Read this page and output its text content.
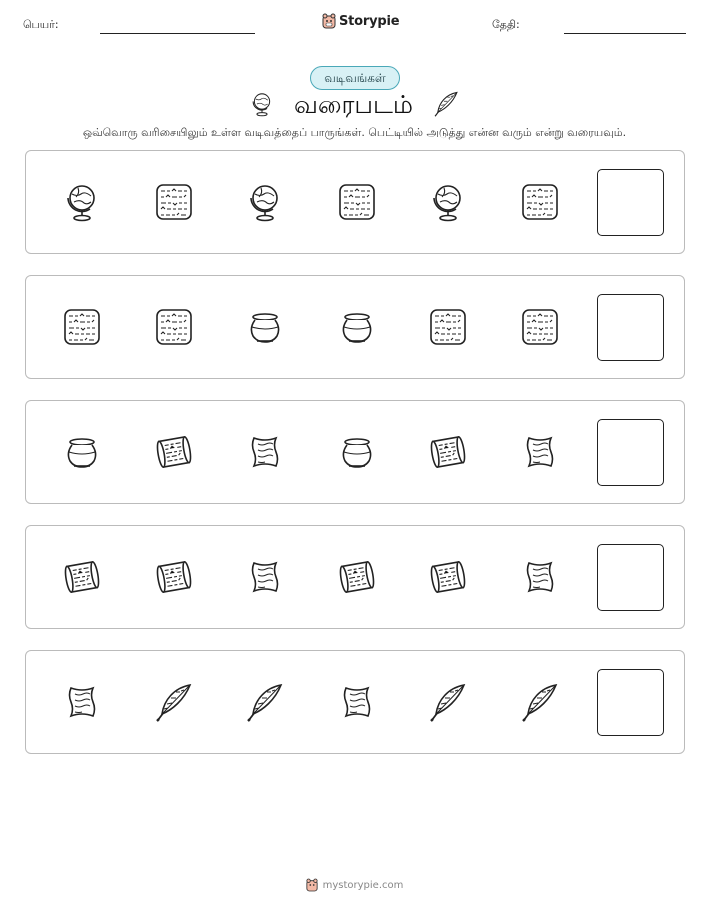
பெயர்:	Storypie	தேதி:
வடிவங்கள்
வரைபடம்
ஒவ்வொரு வரிசையிலும் உள்ள வடிவத்தைப் பாருங்கள். பெட்டியில் அடுத்து என்ன வரும் என்று வரையவும்.
mystorypie.com
